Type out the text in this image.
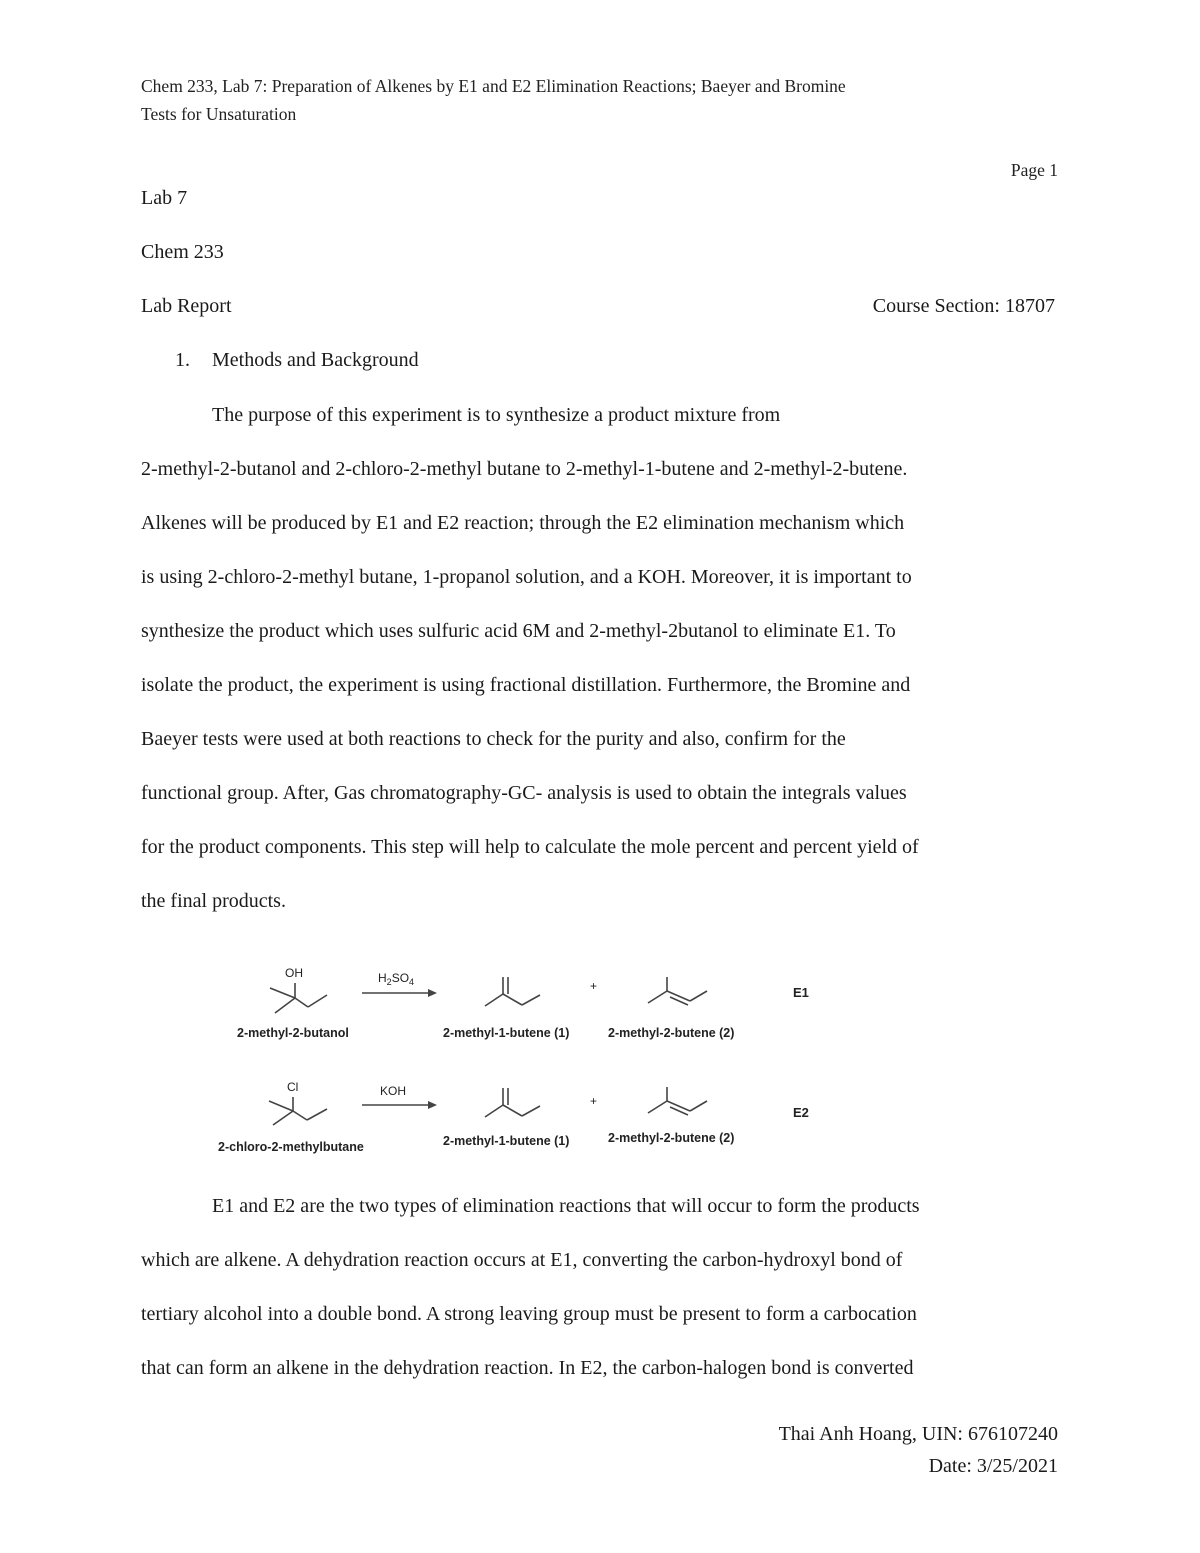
Chem 233, Lab 7: Preparation of Alkenes by E1 and E2 Elimination Reactions; Baeyer and Bromine
Tests for Unsaturation
Page 1
Lab 7
Chem 233
Lab Report	Course Section: 18707
1. Methods and Background
The purpose of this experiment is to synthesize a product mixture from
2-methyl-2-butanol and 2-chloro-2-methyl butane to 2-methyl-1-butene and 2-methyl-2-butene.
Alkenes will be produced by E1 and E2 reaction; through the E2 elimination mechanism which
is using 2-chloro-2-methyl butane, 1-propanol solution, and a KOH. Moreover, it is important to
synthesize the product which uses sulfuric acid 6M and 2-methyl-2butanol to eliminate E1. To
isolate the product, the experiment is using fractional distillation. Furthermore, the Bromine and
Baeyer tests were used at both reactions to check for the purity and also, confirm for the
functional group. After, Gas chromatography-GC- analysis is used to obtain the integrals values
for the product components. This step will help to calculate the mole percent and percent yield of
the final products.
OH	$H_2SO_4$	+	E1
2-methyl-2-butanol	2-methyl-1-butene (1)	2-methyl-2-butene (2)
Cl	KOH
+
E2
2-chloro-2-methylbutane	2-methyl-1-butene (1)	2-methyl-2-butene (2)
E1 and E2 are the two types of elimination reactions that will occur to form the products
which are alkene. A dehydration reaction occurs at E1, converting the carbon-hydroxyl bond of
tertiary alcohol into a double bond. A strong leaving group must be present to form a carbocation
that can form an alkene in the dehydration reaction. In E2, the carbon-halogen bond is converted
Thai Anh Hoang, UIN: 676107240
Date: 3/25/2021
